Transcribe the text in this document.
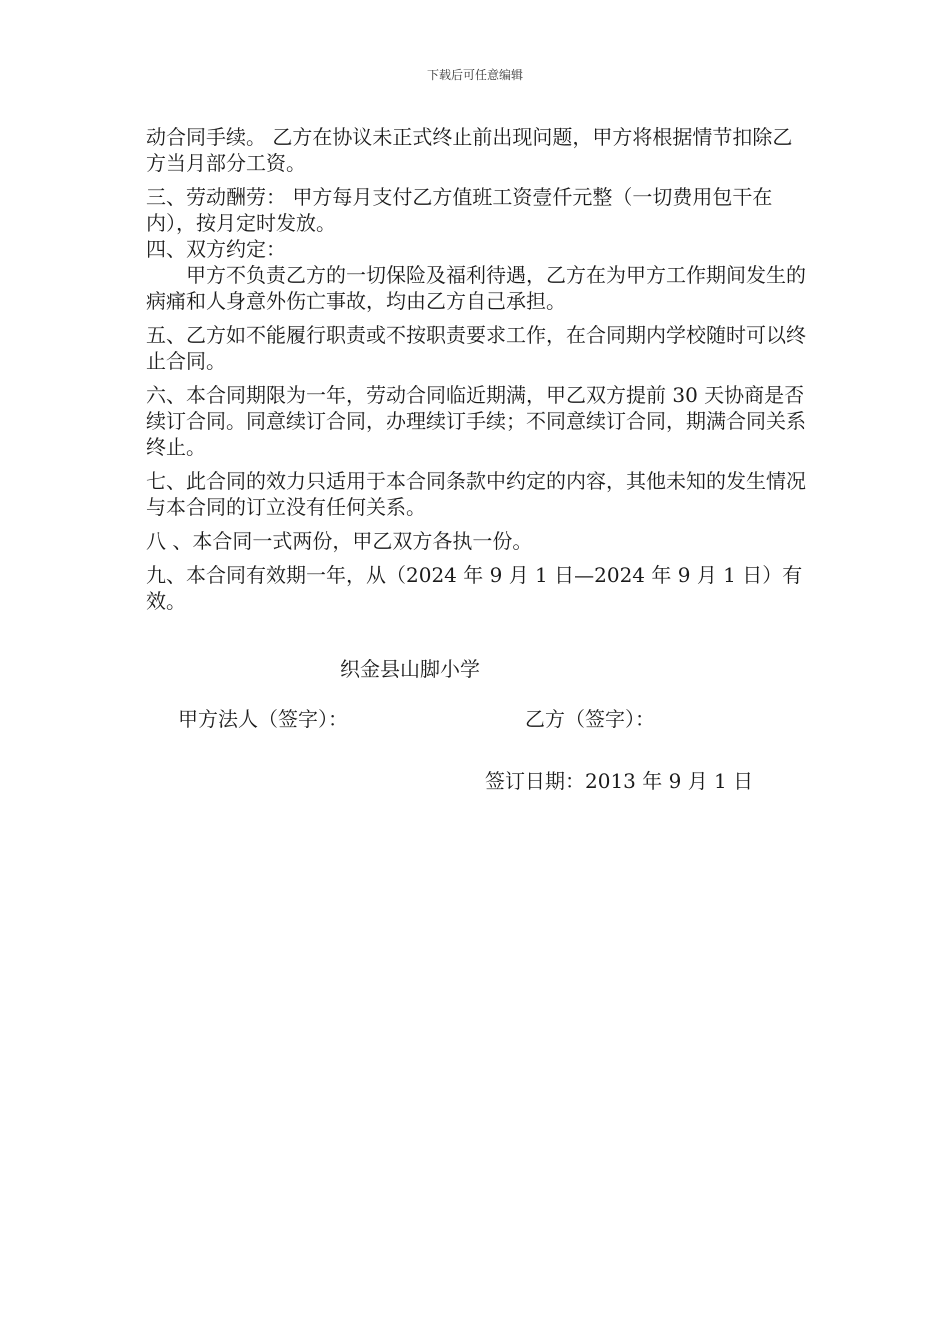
下载后可任意编辑

动合同手续。 乙方在协议未正式终止前出现问题，甲方将根据情节扣除乙方当月部分工资。

三、劳动酬劳： 甲方每月支付乙方值班工资壹仟元整（一切费用包干在内），按月定时发放。

四、双方约定：

甲方不负责乙方的一切保险及福利待遇，乙方在为甲方工作期间发生的病痛和人身意外伤亡事故，均由乙方自己承担。

五、乙方如不能履行职责或不按职责要求工作，在合同期内学校随时可以终止合同。

六、本合同期限为一年，劳动合同临近期满，甲乙双方提前 30 天协商是否续订合同。同意续订合同，办理续订手续；不同意续订合同，期满合同关系终止。

七、此合同的效力只适用于本合同条款中约定的内容，其他未知的发生情况与本合同的订立没有任何关系。

八 、本合同一式两份，甲乙双方各执一份。

九、本合同有效期一年，从（2024 年 9 月 1 日—2024 年 9 月 1 日）有效。

织金县山脚小学
甲方法人（签字）：	乙方（签字）：
签订日期：2013 年 9 月 1 日
